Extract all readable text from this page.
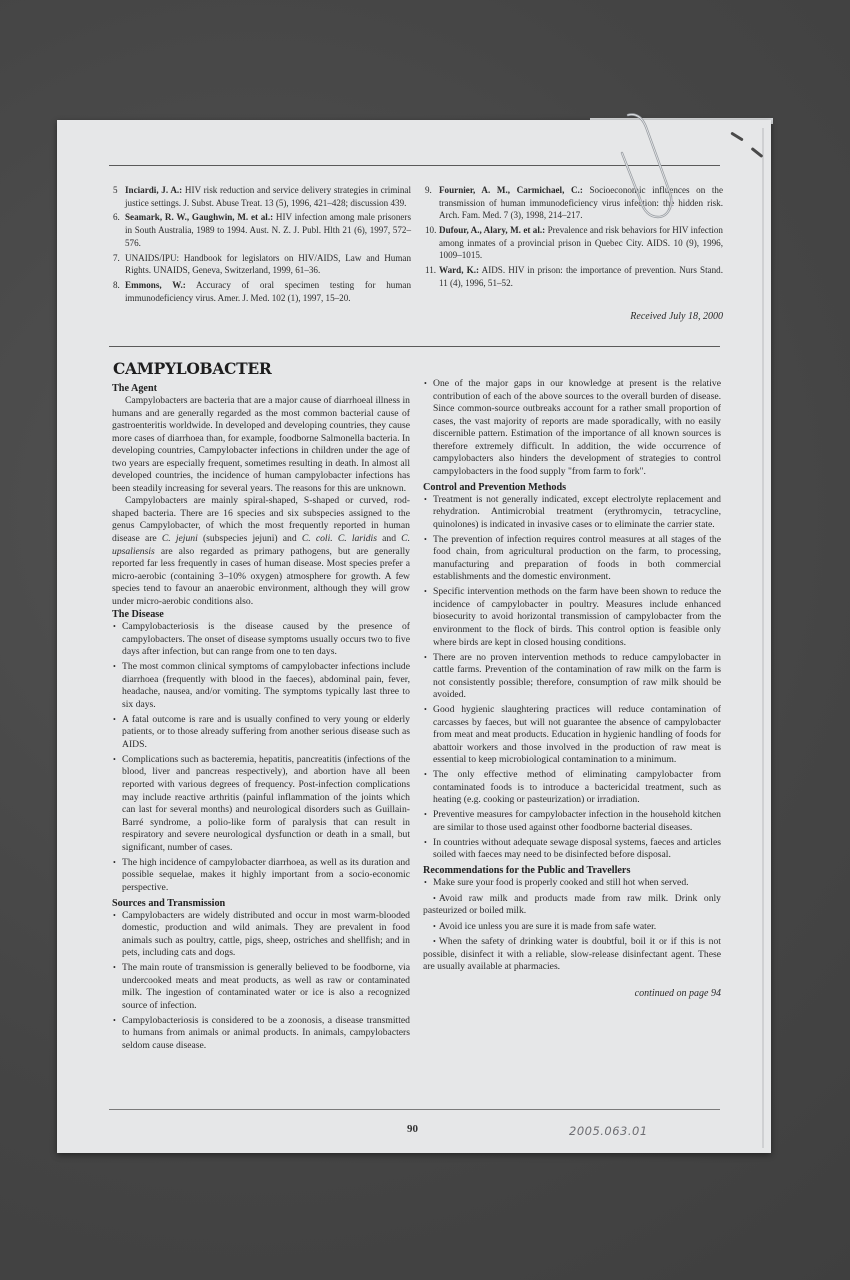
5 Inciardi, J. A.: HIV risk reduction and service delivery strategies in criminal justice settings. J. Subst. Abuse Treat. 13 (5), 1996, 421–428; discussion 439.
6. Seamark, R. W., Gaughwin, M. et al.: HIV infection among male prisoners in South Australia, 1989 to 1994. Aust. N. Z. J. Publ. Hlth 21 (6), 1997, 572–576.
7. UNAIDS/IPU: Handbook for legislators on HIV/AIDS, Law and Human Rights. UNAIDS, Geneva, Switzerland, 1999, 61–36.
8. Emmons, W.: Accuracy of oral specimen testing for human immunodeficiency virus. Amer. J. Med. 102 (1), 1997, 15–20.
9. Fournier, A. M., Carmichael, C.: Socioeconomic influences on the transmission of human immunodeficiency virus infection: the hidden risk. Arch. Fam. Med. 7 (3), 1998, 214–217.
10. Dufour, A., Alary, M. et al.: Prevalence and risk behaviors for HIV infection among inmates of a provincial prison in Quebec City. AIDS. 10 (9), 1996, 1009–1015.
11. Ward, K.: AIDS. HIV in prison: the importance of prevention. Nurs Stand. 11 (4), 1996, 51–52.
Received July 18, 2000
CAMPYLOBACTER
The Agent

Campylobacters are bacteria that are a major cause of diarrhoeal illness in humans and are generally regarded as the most common bacterial cause of gastroenteritis worldwide. In developed and developing countries, they cause more cases of diarrhoea than, for example, foodborne Salmonella bacteria. In developing countries, Campylobacter infections in children under the age of two years are especially frequent, sometimes resulting in death. In almost all developed countries, the incidence of human campylobacter infections has been steadily increasing for several years. The reasons for this are unknown.

Campylobacters are mainly spiral-shaped, S-shaped or curved, rod-shaped bacteria. There are 16 species and six subspecies assigned to the genus Campylobacter, of which the most frequently reported in human disease are C. jejuni (subspecies jejuni) and C. coli. C. laridis and C. upsaliensis are also regarded as primary pathogens, but are generally reported far less frequently in cases of human disease. Most species prefer a micro-aerobic (containing 3–10% oxygen) atmosphere for growth. A few species tend to favour an anaerobic environment, although they will grow under micro-aerobic conditions also.

The Disease
• Campylobacteriosis is the disease caused by the presence of campylobacters. The onset of disease symptoms usually occurs two to five days after infection, but can range from one to ten days.
• The most common clinical symptoms of campylobacter infections include diarrhoea (frequently with blood in the faeces), abdominal pain, fever, headache, nausea, and/or vomiting. The symptoms typically last three to six days.
• A fatal outcome is rare and is usually confined to very young or elderly patients, or to those already suffering from another serious disease such as AIDS.
• Complications such as bacteremia, hepatitis, pancreatitis (infections of the blood, liver and pancreas respectively), and abortion have all been reported with various degrees of frequency. Post-infection complications may include reactive arthritis (painful inflammation of the joints which can last for several months) and neurological disorders such as Guillain-Barré syndrome, a polio-like form of paralysis that can result in respiratory and severe neurological dysfunction or death in a small, but significant, number of cases.
• The high incidence of campylobacter diarrhoea, as well as its duration and possible sequelae, makes it highly important from a socio-economic perspective.
Sources and Transmission
• Campylobacters are widely distributed and occur in most warm-blooded domestic, production and wild animals. They are prevalent in food animals such as poultry, cattle, pigs, sheep, ostriches and shellfish; and in pets, including cats and dogs.
• The main route of transmission is generally believed to be foodborne, via undercooked meats and meat products, as well as raw or contaminated milk. The ingestion of contaminated water or ice is also a recognized source of infection.
• Campylobacteriosis is considered to be a zoonosis, a disease transmitted to humans from animals or animal products. In animals, campylobacters seldom cause disease.
• One of the major gaps in our knowledge at present is the relative contribution of each of the above sources to the overall burden of disease. Since common-source outbreaks account for a rather small proportion of cases, the vast majority of reports are made sporadically, with no easily discernible pattern. Estimation of the importance of all known sources is therefore extremely difficult. In addition, the wide occurrence of campylobacters also hinders the development of strategies to control campylobacters in the food supply "from farm to fork".
Control and Prevention Methods
• Treatment is not generally indicated, except electrolyte replacement and rehydration. Antimicrobial treatment (erythromycin, tetracycline, quinolones) is indicated in invasive cases or to eliminate the carrier state.
• The prevention of infection requires control measures at all stages of the food chain, from agricultural production on the farm, to processing, manufacturing and preparation of foods in both commercial establishments and the domestic environment.
• Specific intervention methods on the farm have been shown to reduce the incidence of campylobacter in poultry. Measures include enhanced biosecurity to avoid horizontal transmission of campylobacter from the environment to the flock of birds. This control option is feasible only where birds are kept in closed housing conditions.
• There are no proven intervention methods to reduce campylobacter in cattle farms. Prevention of the contamination of raw milk on the farm is not consistently possible; therefore, consumption of raw milk should be avoided.
• Good hygienic slaughtering practices will reduce contamination of carcasses by faeces, but will not guarantee the absence of campylobacter from meat and meat products. Education in hygienic handling of foods for abattoir workers and those involved in the production of raw meat is essential to keep microbiological contamination to a minimum.
• The only effective method of eliminating campylobacter from contaminated foods is to introduce a bactericidal treatment, such as heating (e.g. cooking or pasteurization) or irradiation.
• Preventive measures for campylobacter infection in the household kitchen are similar to those used against other foodborne bacterial diseases.
• In countries without adequate sewage disposal systems, faeces and articles soiled with faeces may need to be disinfected before disposal.
Recommendations for the Public and Travellers
• Make sure your food is properly cooked and still hot when served.
• Avoid raw milk and products made from raw milk. Drink only pasteurized or boiled milk.
• Avoid ice unless you are sure it is made from safe water.
• When the safety of drinking water is doubtful, boil it or if this is not possible, disinfect it with a reliable, slow-release disinfectant agent. These are usually available at pharmacies.
continued on page 94
90	2005.063.01
